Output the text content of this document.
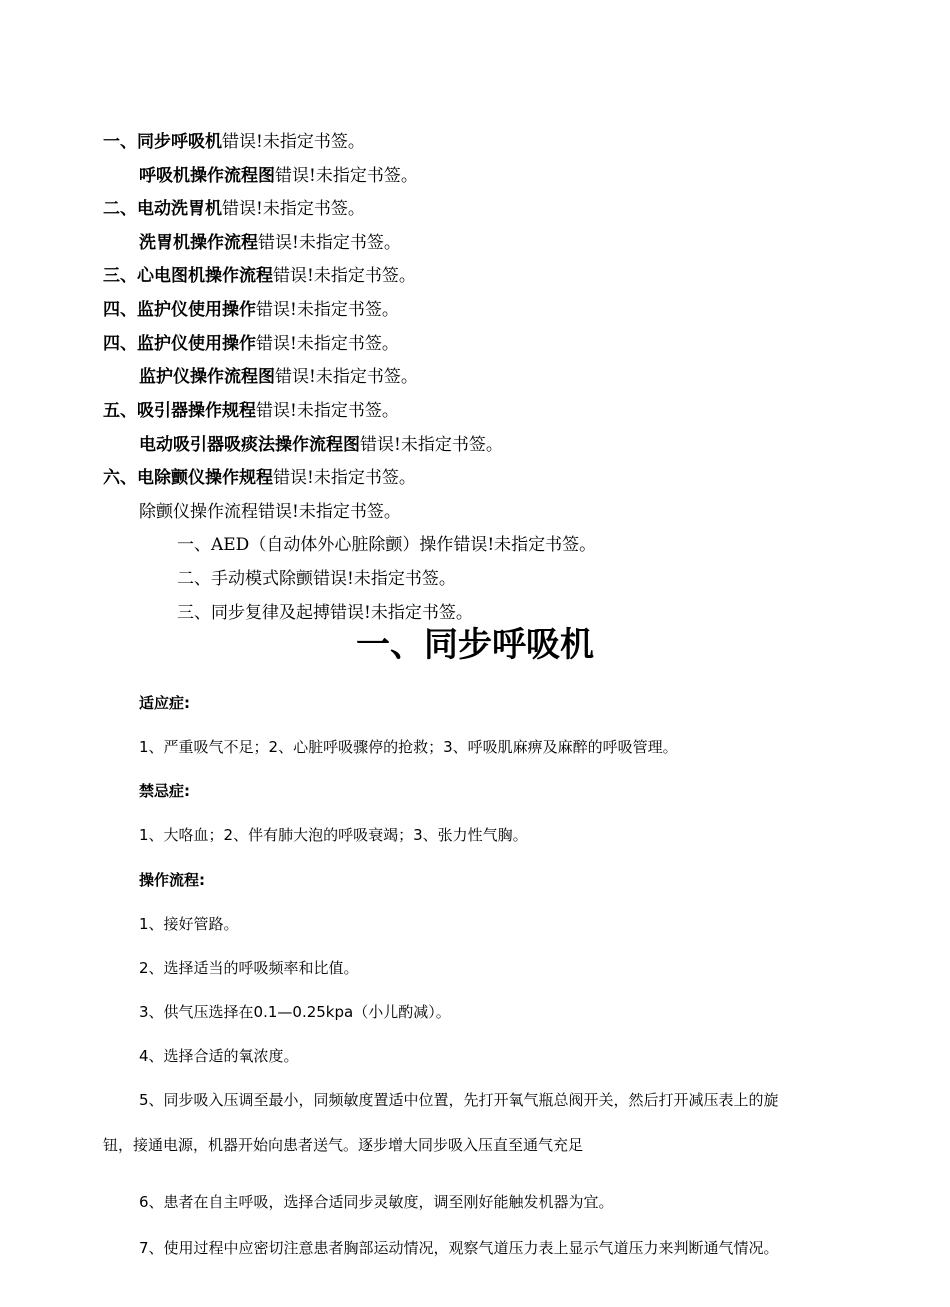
一、同步呼吸机错误!未指定书签。
呼吸机操作流程图错误!未指定书签。
二、电动洗胃机错误!未指定书签。
洗胃机操作流程错误!未指定书签。
三、心电图机操作流程错误!未指定书签。
四、监护仪使用操作错误!未指定书签。
四、监护仪使用操作错误!未指定书签。
监护仪操作流程图错误!未指定书签。
五、吸引器操作规程错误!未指定书签。
电动吸引器吸痰法操作流程图错误!未指定书签。
六、电除颤仪操作规程错误!未指定书签。
除颤仪操作流程错误!未指定书签。
一、AED（自动体外心脏除颤）操作错误!未指定书签。
二、手动模式除颤错误!未指定书签。
三、同步复律及起搏错误!未指定书签。
一、同步呼吸机
适应症:
1、严重吸气不足；2、心脏呼吸骤停的抢救；3、呼吸肌麻痹及麻醉的呼吸管理。
禁忌症:
1、大咯血；2、伴有肺大泡的呼吸衰竭；3、张力性气胸。
操作流程:
1、接好管路。
2、选择适当的呼吸频率和比值。
3、供气压选择在0.1—0.25kpa（小儿酌减）。
4、选择合适的氧浓度。
5、同步吸入压调至最小，同频敏度置适中位置，先打开氧气瓶总阀开关，然后打开减压表上的旋
钮，接通电源，机器开始向患者送气。逐步增大同步吸入压直至通气充足
6、患者在自主呼吸，选择合适同步灵敏度，调至刚好能触发机器为宜。
7、使用过程中应密切注意患者胸部运动情况，观察气道压力表上显示气道压力来判断通气情况。
